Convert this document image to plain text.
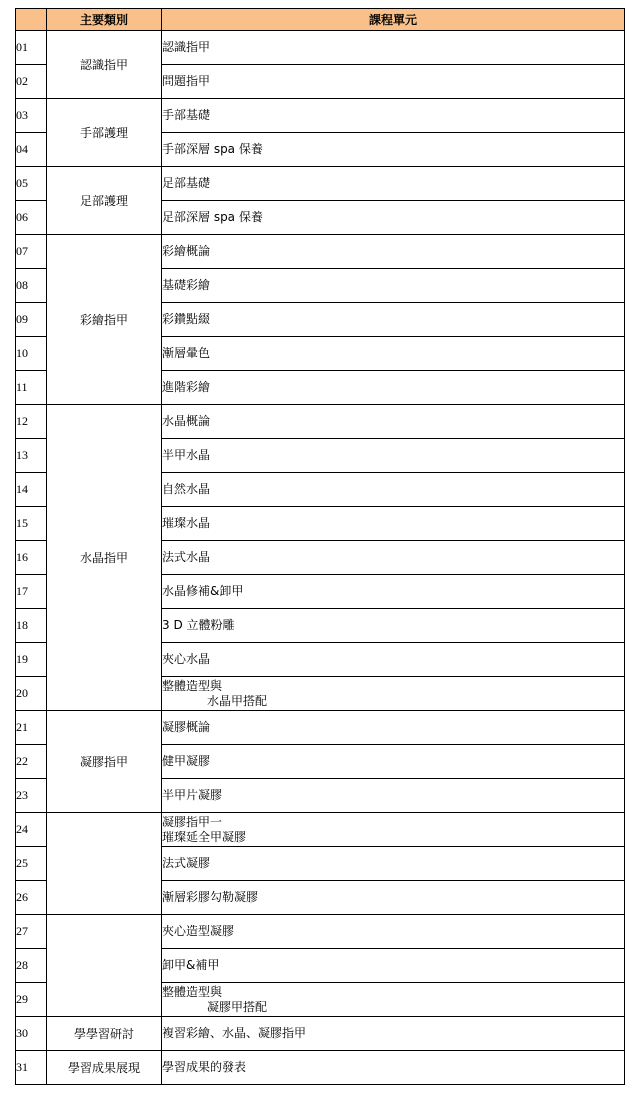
	主要類別	課程單元
01	認識指甲	認識指甲
02		問題指甲
03	手部護理	手部基礎
04		手部深層 spa 保養
05	足部護理	足部基礎
06		足部深層 spa 保養
07	彩繪指甲	彩繪概論
08		基礎彩繪
09		彩鑽點綴
10		漸層暈色
11		進階彩繪
12	水晶指甲	水晶概論
13		半甲水晶
14		自然水晶
15		璀璨水晶
16		法式水晶
17		水晶修補&卸甲
18		3 D 立體粉雕
19		夾心水晶
20		整體造型與
水晶甲搭配

21	凝膠指甲	凝膠概論
22		健甲凝膠
23		半甲片凝膠
24		凝膠指甲一
璀璨延全甲凝膠

25		法式凝膠
26		漸層彩膠勾勒凝膠
27		夾心造型凝膠
28		卸甲&補甲
29		整體造型與
凝膠甲搭配

30	學學習研討	複習彩繪、水晶、凝膠指甲
31	學習成果展現	學習成果的發表
